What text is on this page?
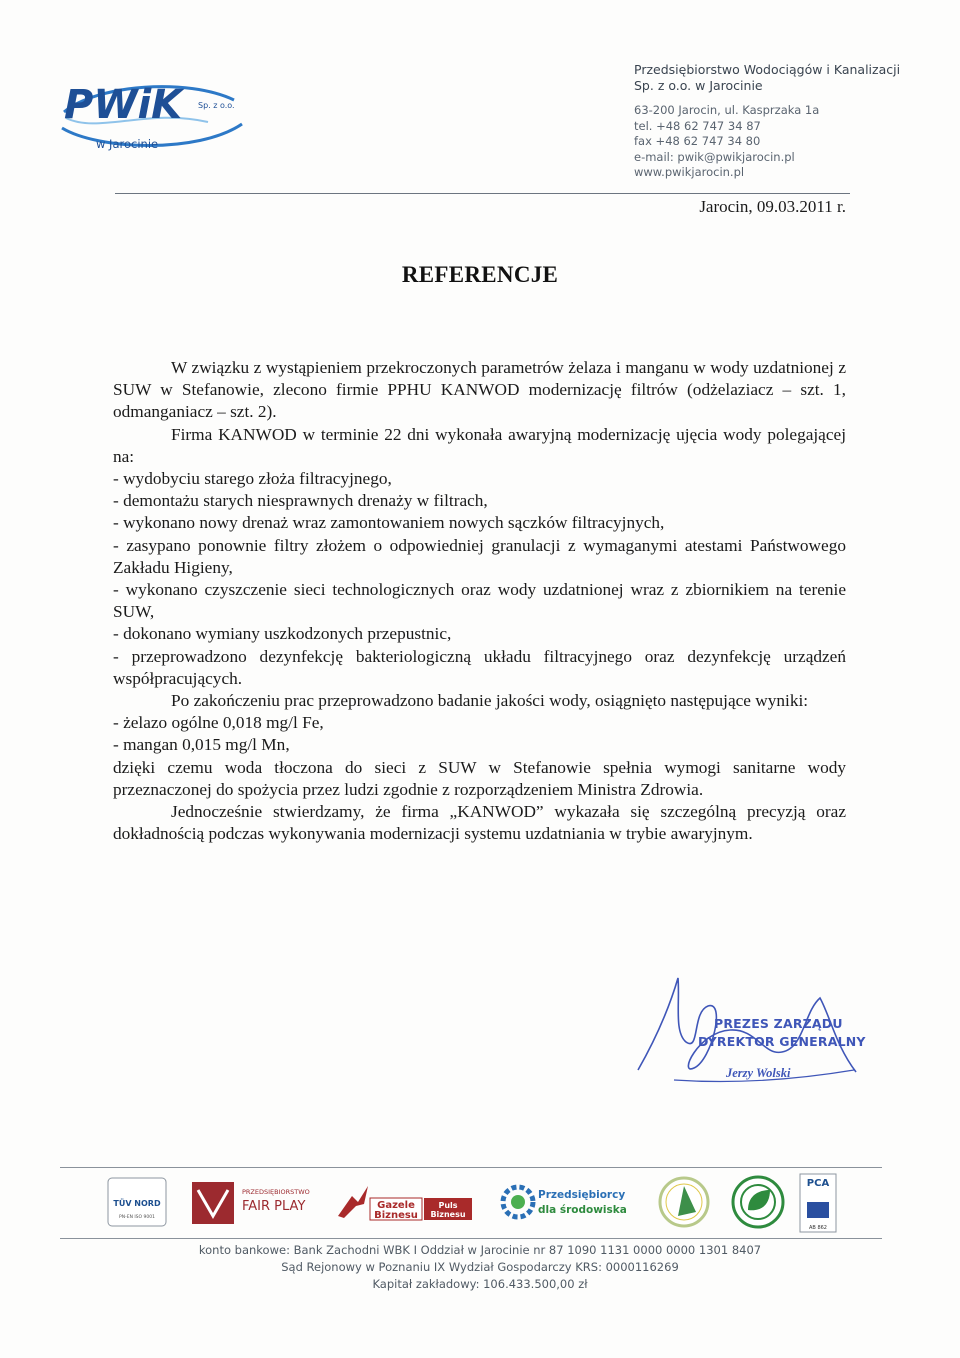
PWiK	Sp. z o.o.
w Jarocinie
Przedsiębiorstwo Wodociągów i Kanalizacji
Sp. z o.o. w Jarocinie
63-200 Jarocin, ul. Kasprzaka 1a
tel. +48 62 747 34 87
fax +48 62 747 34 80
e-mail: pwik@pwikjarocin.pl
www.pwikjarocin.pl
Jarocin, 09.03.2011 r.
REFERENCJE

W związku z wystąpieniem przekroczonych parametrów żelaza i manganu w wody uzdatnionej z SUW w Stefanowie, zlecono firmie PPHU KANWOD modernizację filtrów (odżelaziacz – szt. 1, odmanganiacz – szt. 2).

Firma KANWOD w terminie 22 dni wykonała awaryjną modernizację ujęcia wody polegającej na:

- wydobyciu starego złoża filtracyjnego,

- demontażu starych niesprawnych drenaży w filtrach,

- wykonano nowy drenaż wraz zamontowaniem nowych sączków filtracyjnych,

- zasypano ponownie filtry złożem o odpowiedniej granulacji z wymaganymi atestami Państwowego Zakładu Higieny,

- wykonano czyszczenie sieci technologicznych oraz wody uzdatnionej wraz z zbiornikiem na terenie SUW,

- dokonano wymiany uszkodzonych przepustnic,

- przeprowadzono dezynfekcję bakteriologiczną układu filtracyjnego oraz dezynfekcję urządzeń współpracujących.

Po zakończeniu prac przeprowadzono badanie jakości wody, osiągnięto następujące wyniki:

- żelazo ogólne 0,018 mg/l Fe,

- mangan 0,015 mg/l Mn,

dzięki czemu woda tłoczona do sieci z SUW w Stefanowie spełnia wymogi sanitarne wody przeznaczonej do spożycia przez ludzi zgodnie z rozporządzeniem Ministra Zdrowia.

Jednocześnie stwierdzamy, że firma „KANWOD” wykazała się szczególną precyzją oraz dokładnością podczas wykonywania modernizacji systemu uzdatniania w trybie awaryjnym.

PREZES ZARZĄDU
DYREKTOR GENERALNY
Jerzy Wolski
TÜV NORD
PN-EN ISO 9001
PRZEDSIĘBIORSTWO
FAIR PLAY	Gazele
Biznesu
Puls
Biznesu
Przedsiębiorcy
dla środowiska
PCA
AB 862
konto bankowe: Bank Zachodni WBK I Oddział w Jarocinie nr 87 1090 1131 0000 0000 1301 8407
Sąd Rejonowy w Poznaniu IX Wydział Gospodarczy KRS: 0000116269
Kapitał zakładowy: 106.433.500,00 zł
